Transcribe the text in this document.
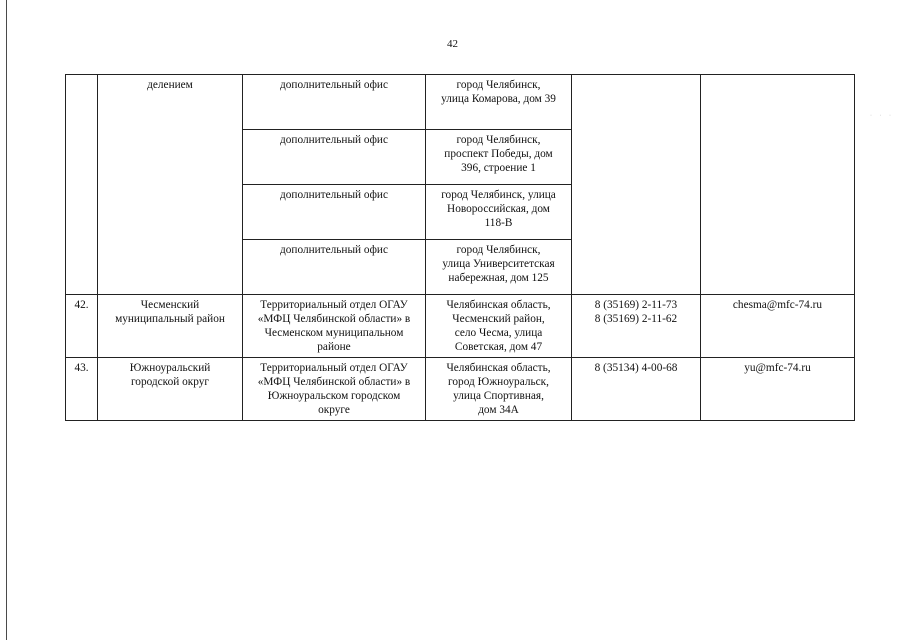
· · ·
42
	делением	дополнительный офис	город Челябинск,
улица Комарова, дом 39		

		дополнительный офис	город Челябинск,
проспект Победы, дом
396, строение 1		

		дополнительный офис	город Челябинск, улица
Новороссийская, дом
118-В		

		дополнительный офис	город Челябинск,
улица Университетская
набережная, дом 125		

42.	Чесменский
муниципальный район	Территориальный отдел ОГАУ
«МФЦ Челябинской области» в
Чесменском муниципальном
районе	Челябинская область,
Чесменский район,
село Чесма, улица
Советская, дом 47	8 (35169) 2-11-73
8 (35169) 2-11-62	chesma@mfc-74.ru
43.	Южноуральский
городской округ	Территориальный отдел ОГАУ
«МФЦ Челябинской области» в
Южноуральском городском
округе	Челябинская область,
город Южноуральск,
улица Спортивная,
дом 34А	8 (35134) 4-00-68	yu@mfc-74.ru
